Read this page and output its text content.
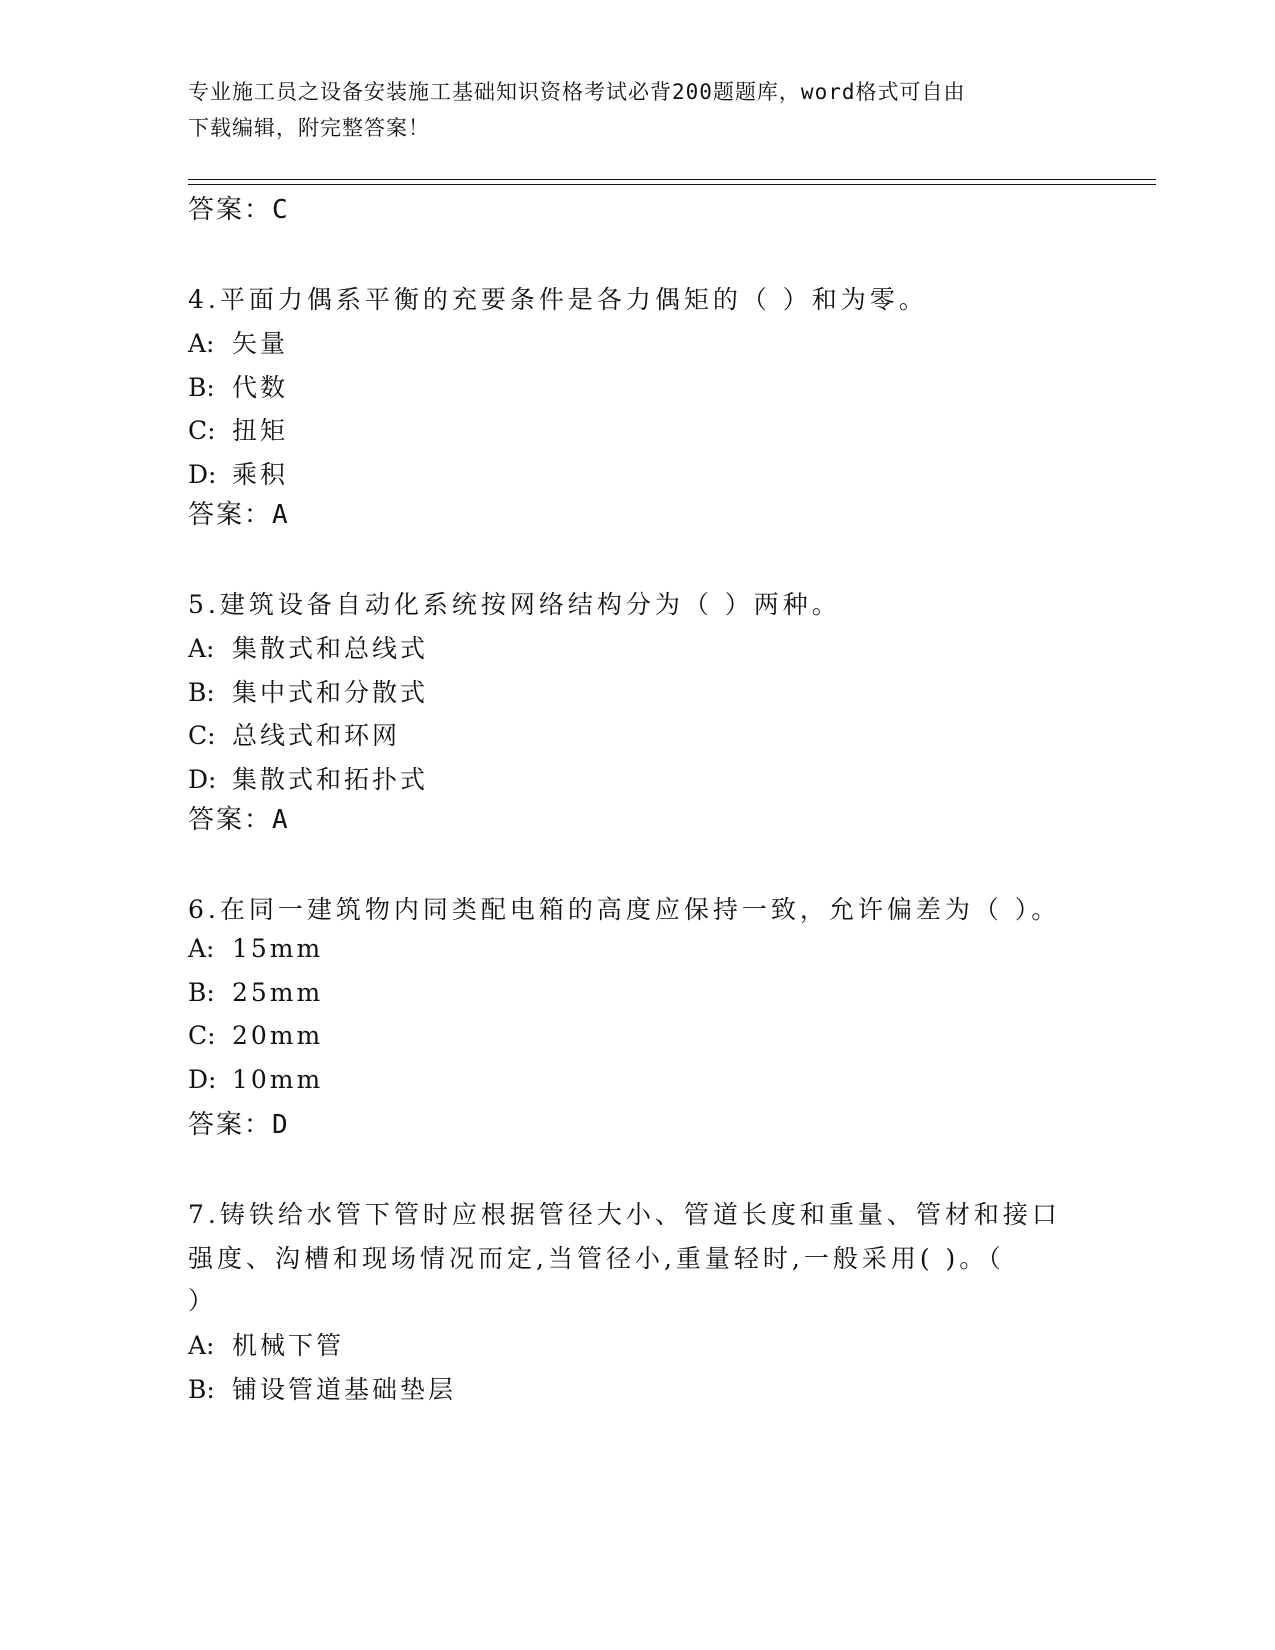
专业施工员之设备安装施工基础知识资格考试必背200题题库，word格式可自由
下载编辑，附完整答案！
答案：C
4.平面力偶系平衡的充要条件是各力偶矩的（ ）和为零。
A: 矢量
B: 代数
C: 扭矩
D: 乘积
答案：A
5.建筑设备自动化系统按网络结构分为（ ）两种。
A: 集散式和总线式
B: 集中式和分散式
C: 总线式和环网
D: 集散式和拓扑式
答案：A
6.在同一建筑物内同类配电箱的高度应保持一致，允许偏差为（ ）。
A: 15mm
B: 25mm
C: 20mm
D: 10mm
答案：D
7.铸铁给水管下管时应根据管径大小、管道长度和重量、管材和接口
强度、沟槽和现场情况而定,当管径小,重量轻时,一般采用( )。（
）
A: 机械下管
B: 铺设管道基础垫层
